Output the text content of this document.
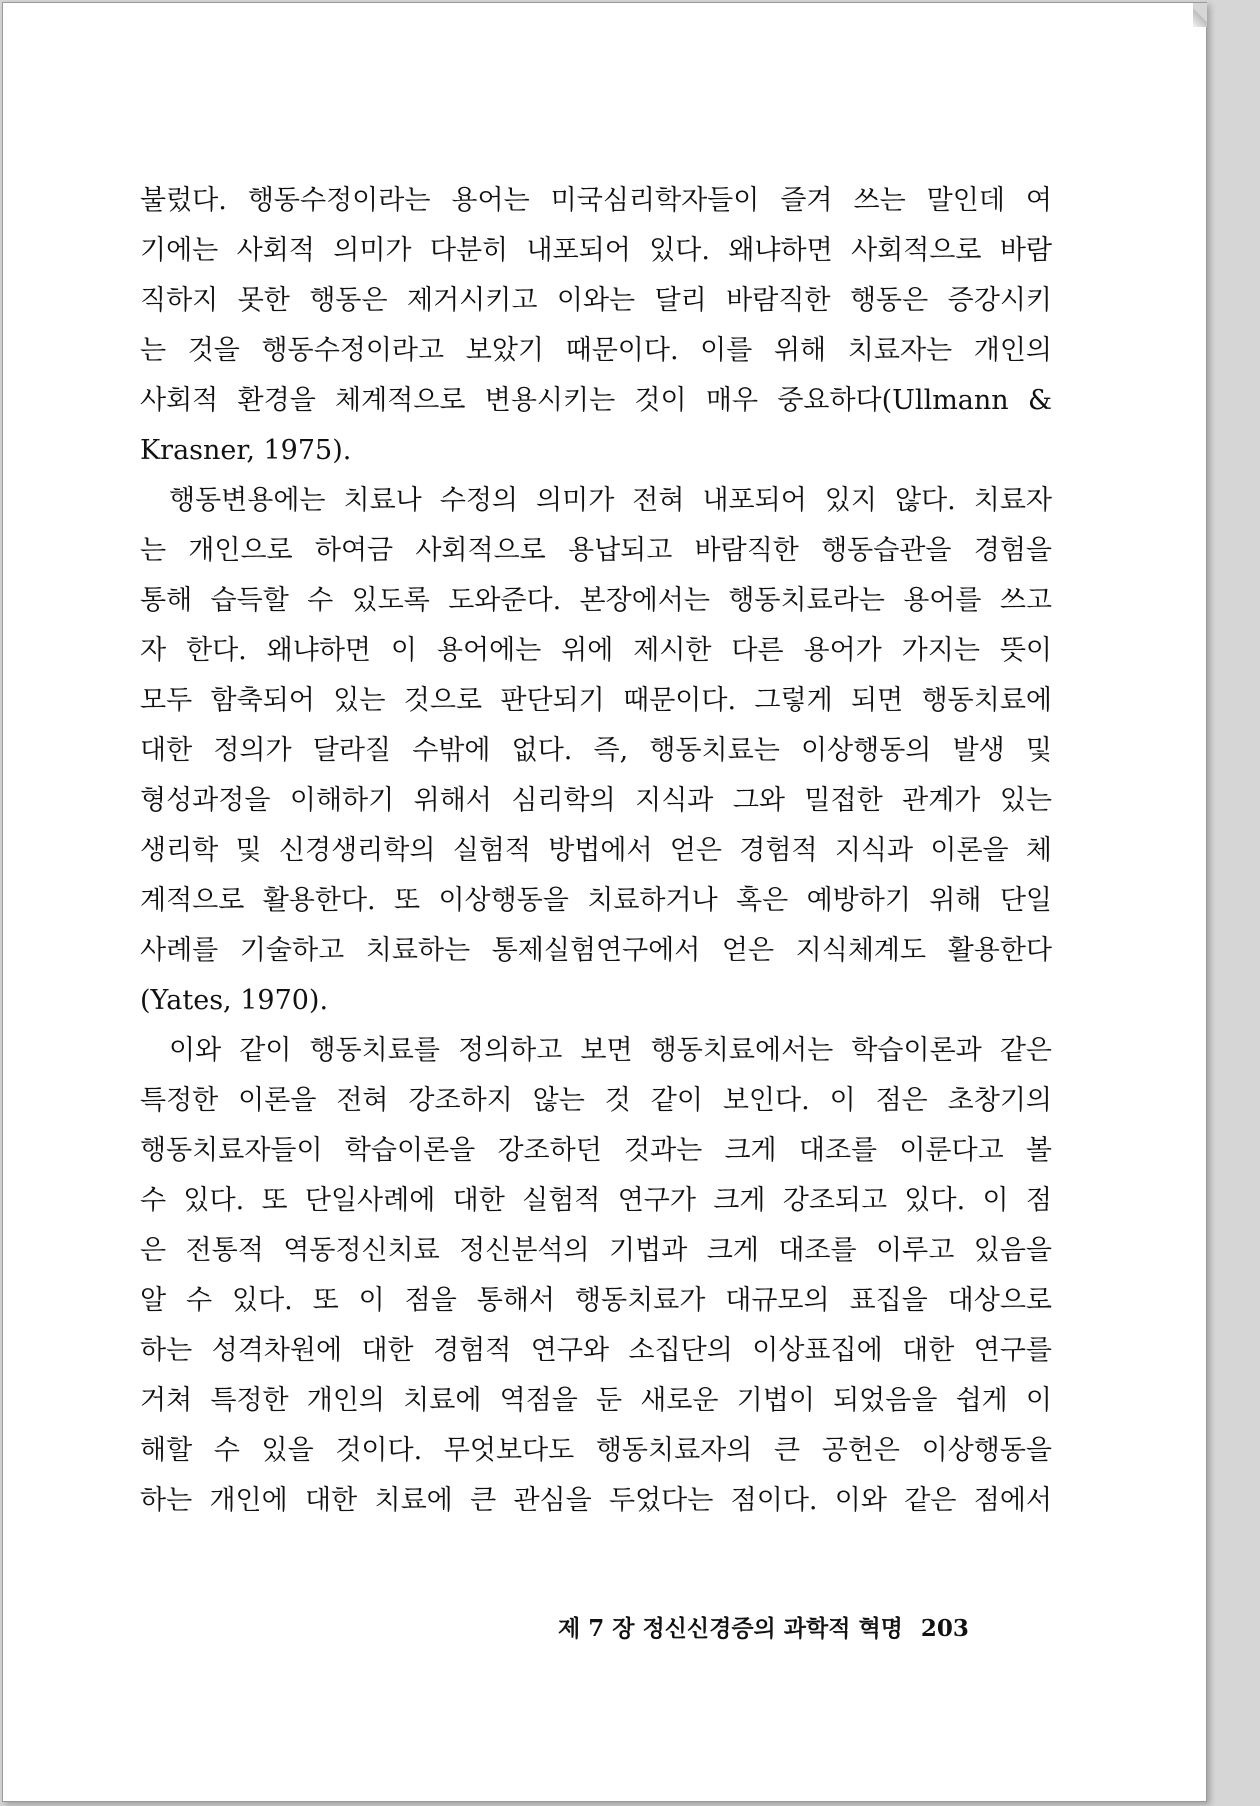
불렀다. 행동수정이라는 용어는 미국심리학자들이 즐겨 쓰는 말인데 여
기에는 사회적 의미가 다분히 내포되어 있다. 왜냐하면 사회적으로 바람
직하지 못한 행동은 제거시키고 이와는 달리 바람직한 행동은 증강시키
는 것을 행동수정이라고 보았기 때문이다. 이를 위해 치료자는 개인의
사회적 환경을 체계적으로 변용시키는 것이 매우 중요하다(Ullmann &
Krasner, 1975).
행동변용에는 치료나 수정의 의미가 전혀 내포되어 있지 않다. 치료자
는 개인으로 하여금 사회적으로 용납되고 바람직한 행동습관을 경험을
통해 습득할 수 있도록 도와준다. 본장에서는 행동치료라는 용어를 쓰고
자 한다. 왜냐하면 이 용어에는 위에 제시한 다른 용어가 가지는 뜻이
모두 함축되어 있는 것으로 판단되기 때문이다. 그렇게 되면 행동치료에
대한 정의가 달라질 수밖에 없다. 즉, 행동치료는 이상행동의 발생 및
형성과정을 이해하기 위해서 심리학의 지식과 그와 밀접한 관계가 있는
생리학 및 신경생리학의 실험적 방법에서 얻은 경험적 지식과 이론을 체
계적으로 활용한다. 또 이상행동을 치료하거나 혹은 예방하기 위해 단일
사례를 기술하고 치료하는 통제실험연구에서 얻은 지식체계도 활용한다
(Yates, 1970).
이와 같이 행동치료를 정의하고 보면 행동치료에서는 학습이론과 같은
특정한 이론을 전혀 강조하지 않는 것 같이 보인다. 이 점은 초창기의
행동치료자들이 학습이론을 강조하던 것과는 크게 대조를 이룬다고 볼
수 있다. 또 단일사례에 대한 실험적 연구가 크게 강조되고 있다. 이 점
은 전통적 역동정신치료 정신분석의 기법과 크게 대조를 이루고 있음을
알 수 있다. 또 이 점을 통해서 행동치료가 대규모의 표집을 대상으로
하는 성격차원에 대한 경험적 연구와 소집단의 이상표집에 대한 연구를
거쳐 특정한 개인의 치료에 역점을 둔 새로운 기법이 되었음을 쉽게 이
해할 수 있을 것이다. 무엇보다도 행동치료자의 큰 공헌은 이상행동을
하는 개인에 대한 치료에 큰 관심을 두었다는 점이다. 이와 같은 점에서
제 7 장 정신신경증의 과학적 혁명 203
